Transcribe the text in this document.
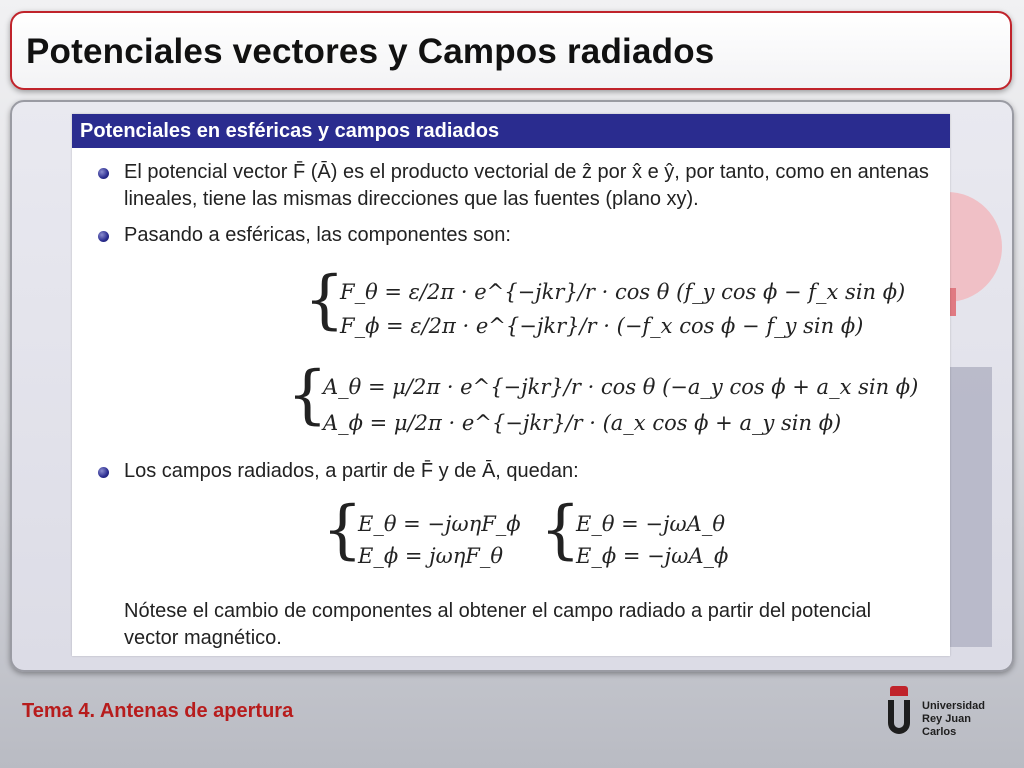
Potenciales vectores y Campos radiados
Potenciales en esféricas y campos radiados
El potencial vector F̄ (Ā) es el producto vectorial de ẑ por x̂ e ŷ, por tanto, como en antenas lineales, tiene las mismas direcciones que las fuentes (plano xy).
Pasando a esféricas, las componentes son:
{
F_θ = ε/2π · e^{−jkr}/r · cos θ (f_y cos ϕ − f_x sin ϕ)
F_ϕ = ε/2π · e^{−jkr}/r · (−f_x cos ϕ − f_y sin ϕ)
{
A_θ = μ/2π · e^{−jkr}/r · cos θ (−a_y cos ϕ + a_x sin ϕ)
A_ϕ = μ/2π · e^{−jkr}/r · (a_x cos ϕ + a_y sin ϕ)
Los campos radiados, a partir de F̄ y de Ā, quedan:
{
E_θ = −jωηF_ϕ
E_ϕ = jωηF_θ {
E_θ = −jωA_θ
E_ϕ = −jωA_ϕ
Nótese el cambio de componentes al obtener el campo radiado a partir del potencial vector magnético.
Tema 4. Antenas de apertura	Universidad
Rey Juan Carlos
